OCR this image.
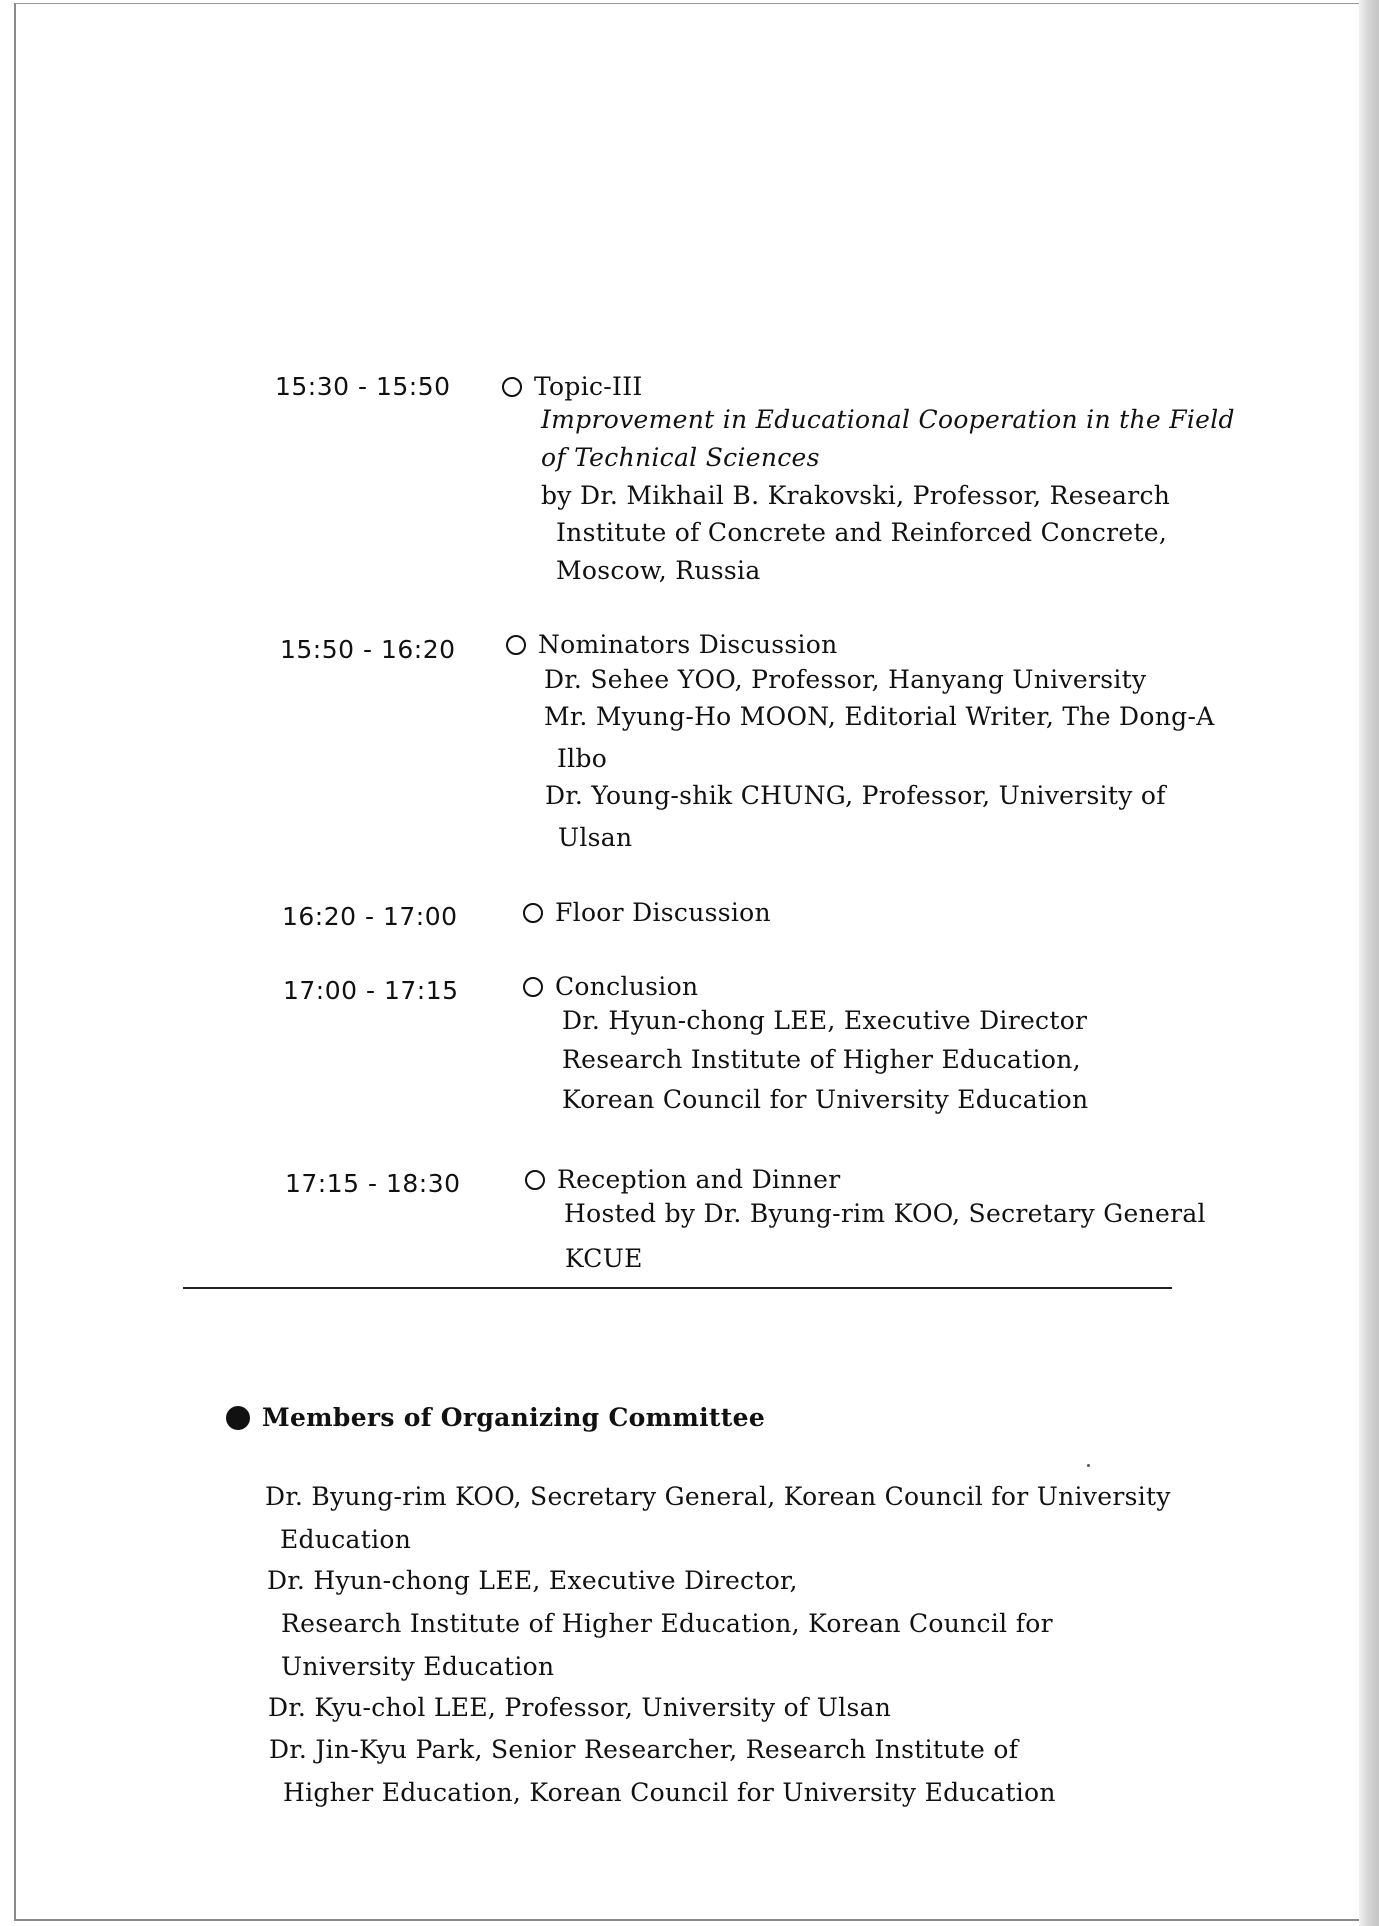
15:30 - 15:50	Topic-III
Improvement in Educational Cooperation in the Field
of Technical Sciences
by Dr. Mikhail B. Krakovski, Professor, Research
Institute of Concrete and Reinforced Concrete,
Moscow, Russia
15:50 - 16:20	Nominators Discussion
Dr. Sehee YOO, Professor, Hanyang University
Mr. Myung-Ho MOON, Editorial Writer, The Dong-A
Ilbo
Dr. Young-shik CHUNG, Professor, University of
Ulsan
16:20 - 17:00	Floor Discussion
17:00 - 17:15	Conclusion
Dr. Hyun-chong LEE, Executive Director
Research Institute of Higher Education,
Korean Council for University Education
17:15 - 18:30	Reception and Dinner
Hosted by Dr. Byung-rim KOO, Secretary General
KCUE
Members of Organizing Committee
Dr. Byung-rim KOO, Secretary General, Korean Council for University
Education
Dr. Hyun-chong LEE, Executive Director,
Research Institute of Higher Education, Korean Council for
University Education
Dr. Kyu-chol LEE, Professor, University of Ulsan
Dr. Jin-Kyu Park, Senior Researcher, Research Institute of
Higher Education, Korean Council for University Education
